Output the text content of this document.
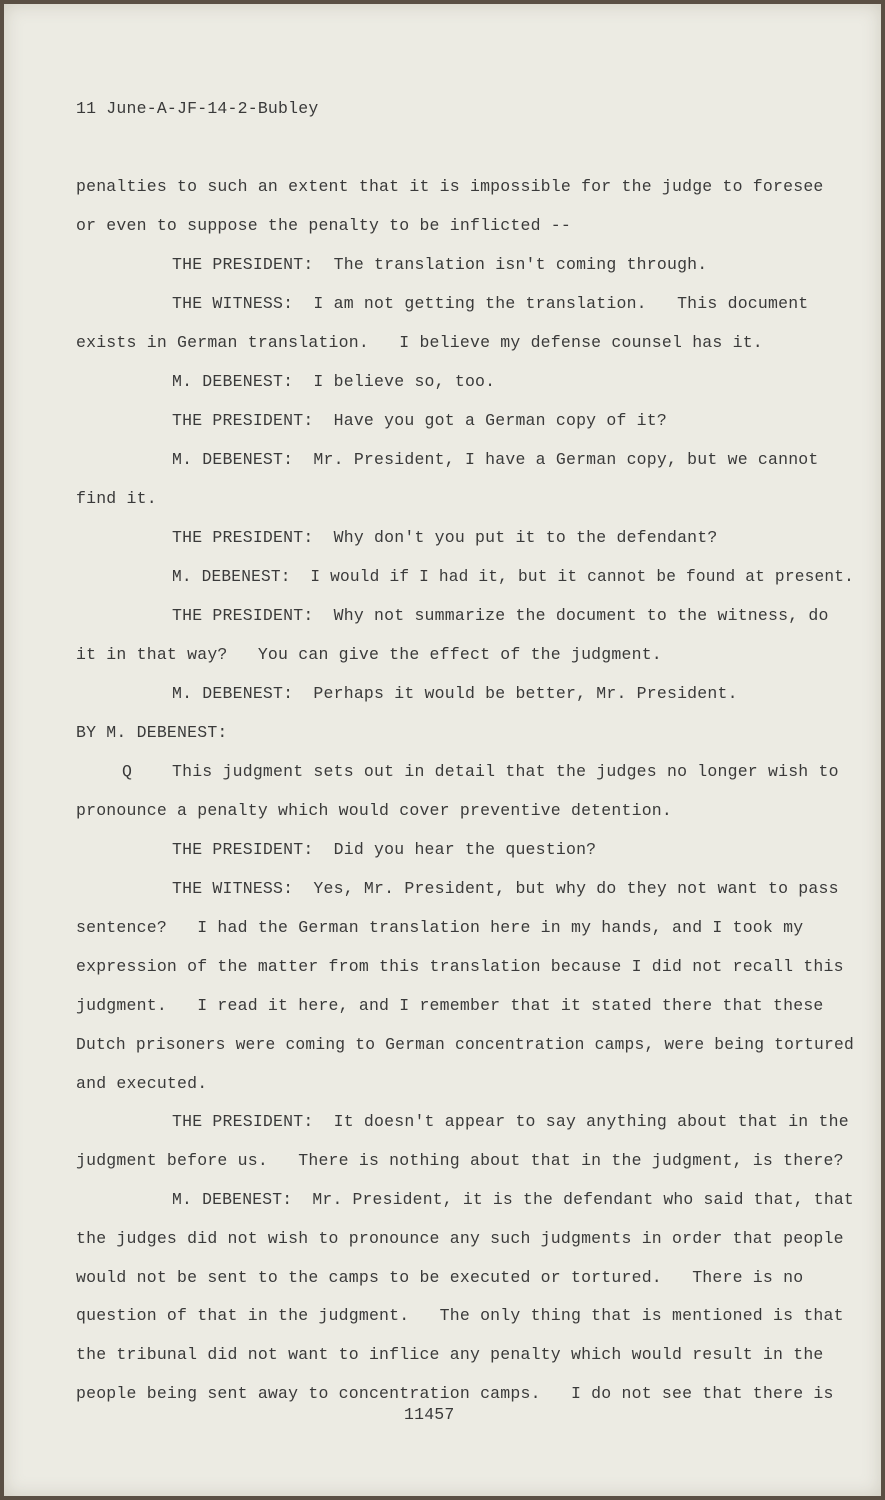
11 June-A-JF-14-2-Bubley
penalties to such an extent that it is impossible for the judge to foresee
or even to suppose the penalty to be inflicted --
THE PRESIDENT:  The translation isn't coming through.
THE WITNESS:  I am not getting the translation.   This document
exists in German translation.   I believe my defense counsel has it.
M. DEBENEST:  I believe so, too.
THE PRESIDENT:  Have you got a German copy of it?
M. DEBENEST:  Mr. President, I have a German copy, but we cannot
find it.
THE PRESIDENT:  Why don't you put it to the defendant?
M. DEBENEST:  I would if I had it, but it cannot be found at present.
THE PRESIDENT:  Why not summarize the document to the witness, do
it in that way?   You can give the effect of the judgment.
M. DEBENEST:  Perhaps it would be better, Mr. President.
BY M. DEBENEST:
Q This judgment sets out in detail that the judges no longer wish to
pronounce a penalty which would cover preventive detention.
THE PRESIDENT:  Did you hear the question?
THE WITNESS:  Yes, Mr. President, but why do they not want to pass
sentence?   I had the German translation here in my hands, and I took my
expression of the matter from this translation because I did not recall this
judgment.   I read it here, and I remember that it stated there that these
Dutch prisoners were coming to German concentration camps, were being tortured
and executed.
THE PRESIDENT:  It doesn't appear to say anything about that in the
judgment before us.   There is nothing about that in the judgment, is there?
M. DEBENEST:  Mr. President, it is the defendant who said that, that
the judges did not wish to pronounce any such judgments in order that people
would not be sent to the camps to be executed or tortured.   There is no
question of that in the judgment.   The only thing that is mentioned is that
the tribunal did not want to inflice any penalty which would result in the
people being sent away to concentration camps.   I do not see that there is
11457
